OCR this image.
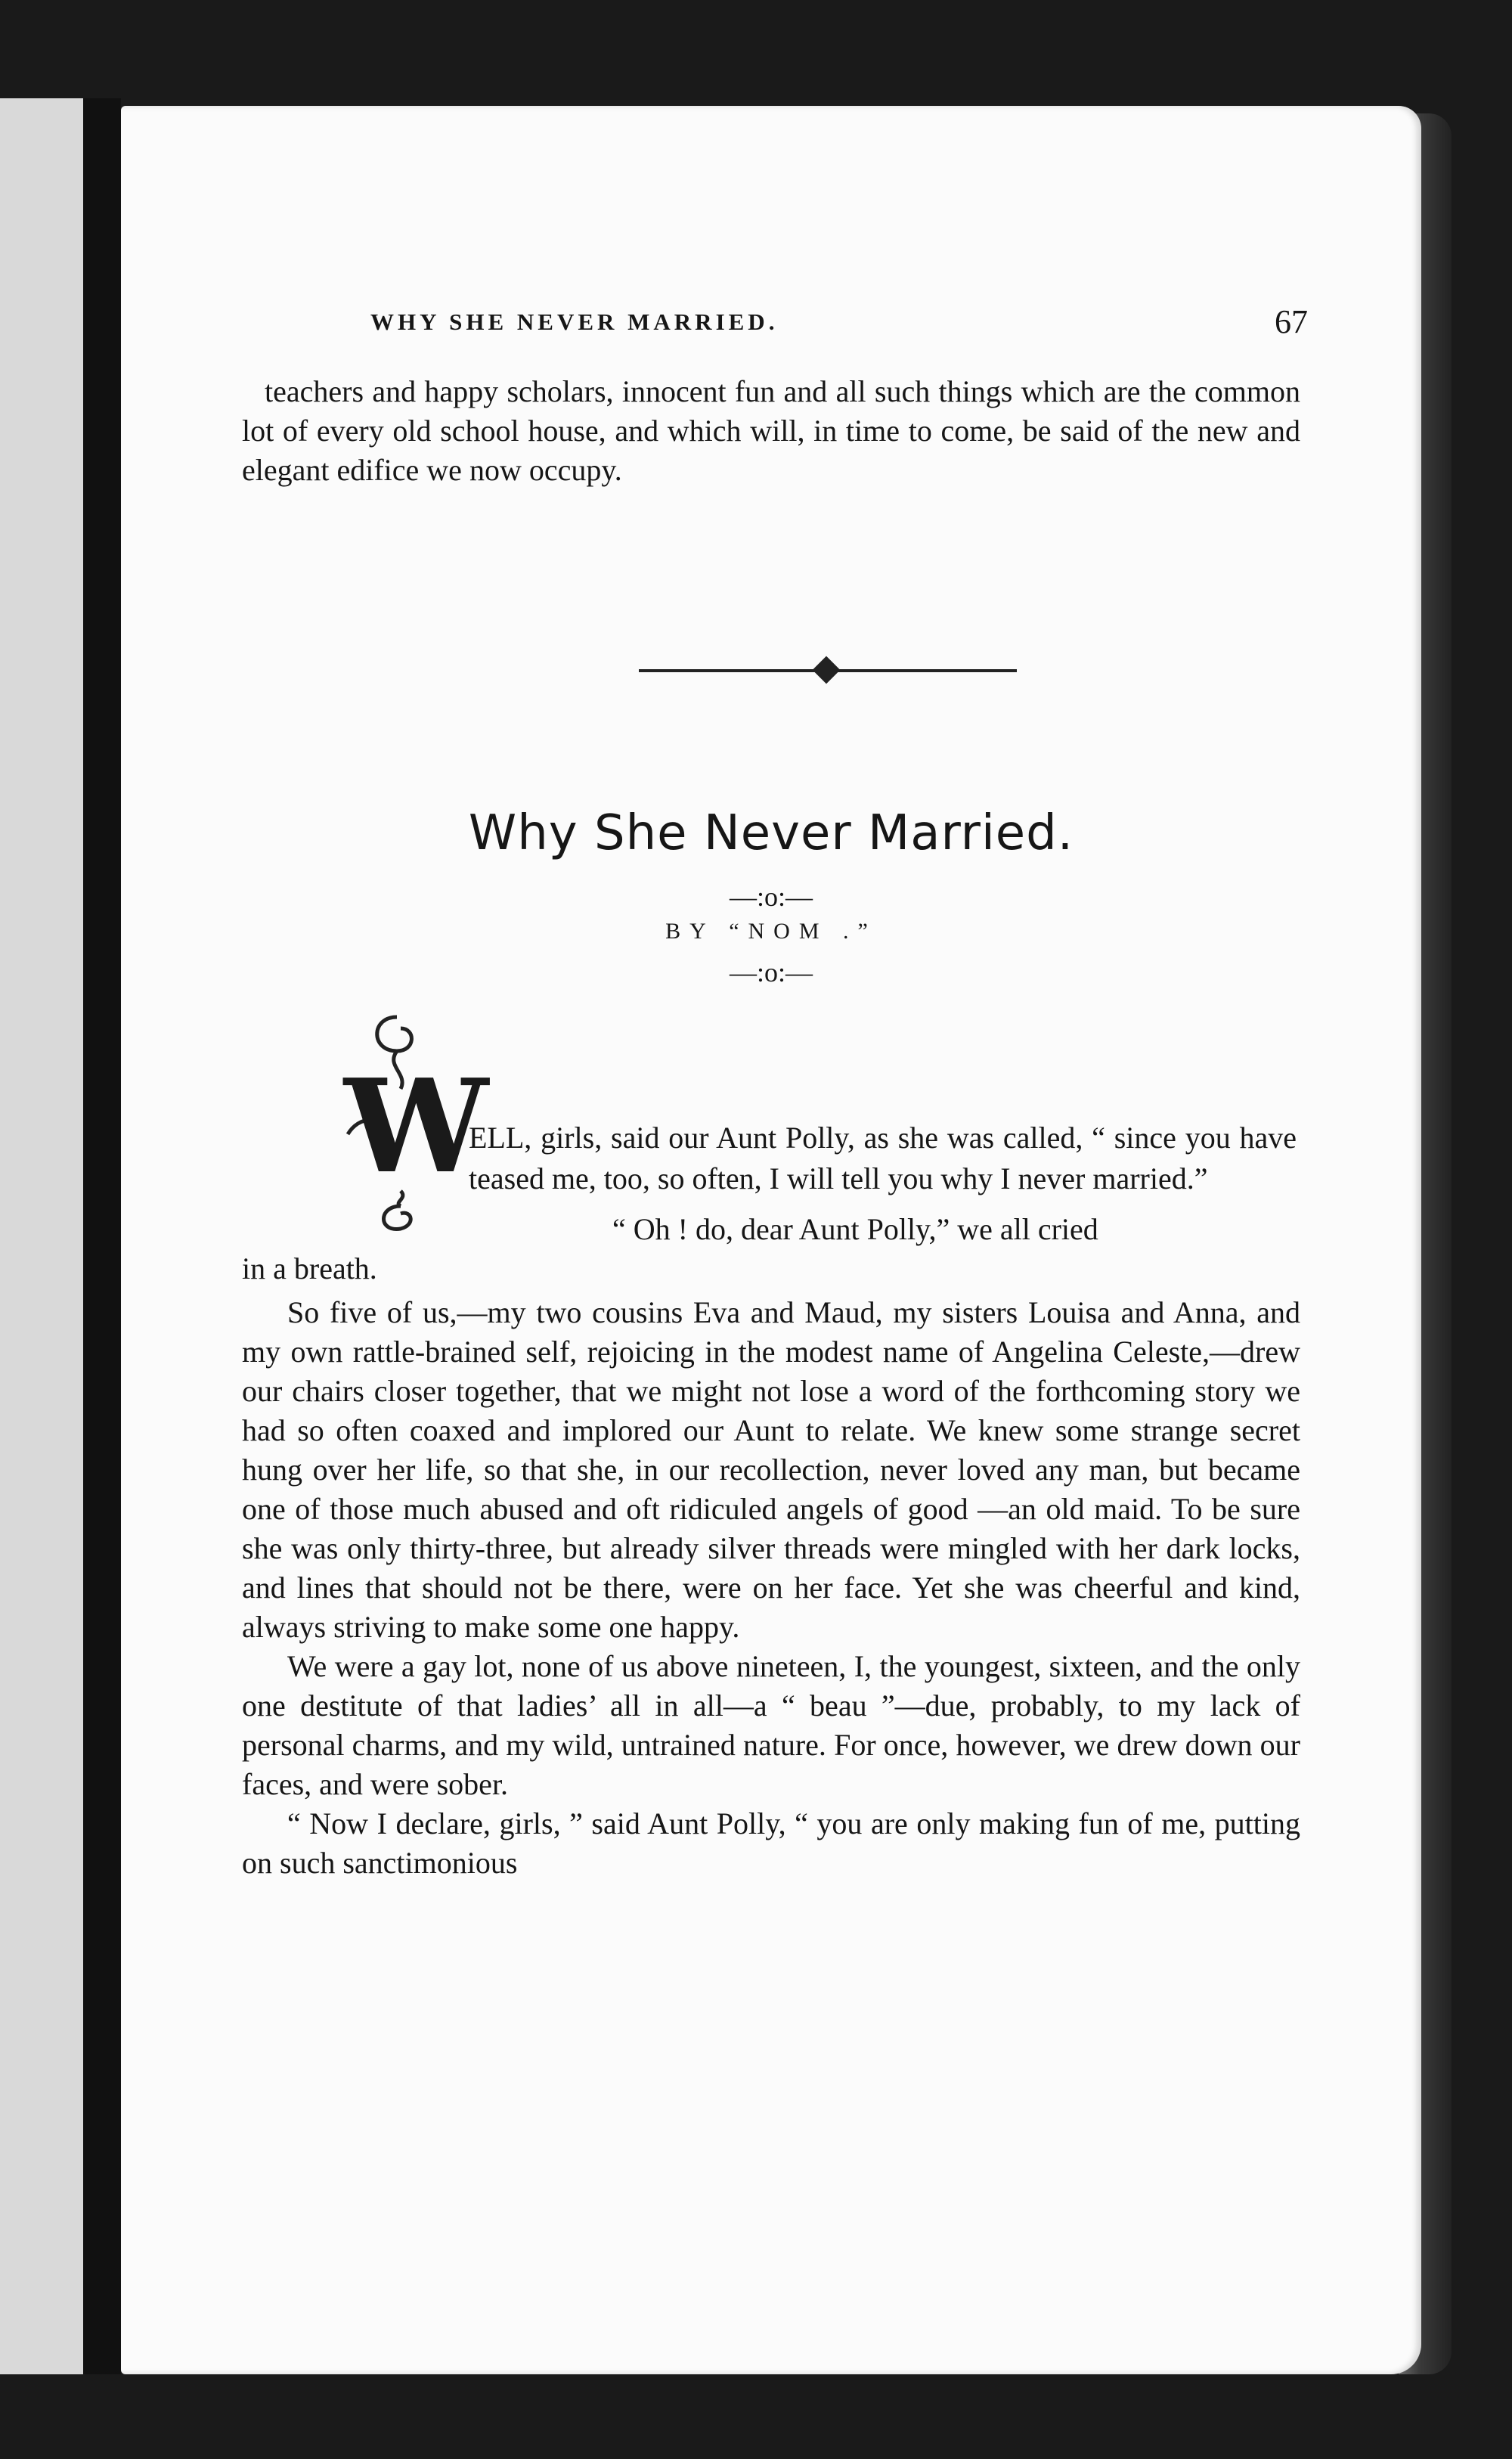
WHY SHE NEVER MARRIED.	67

teachers and happy scholars, innocent fun and all such things which are the common lot of every old school house, and which will, in time to come, be said of the new and elegant edifice we now occupy.

Why She Never Married.
—:o:—
BY “NOM .”
—:o:—
W

ELL, girls, said our Aunt Polly, as she was called, “ since you have teased me, too, so often, I will tell you why I never married.”

“ Oh ! do, dear Aunt Polly,” we all cried

in a breath.

So five of us,—my two cousins Eva and Maud, my sisters Louisa and Anna, and my own rattle-brained self, rejoicing in the modest name of Angelina Celeste,—drew our chairs closer together, that we might not lose a word of the forthcoming story we had so often coaxed and implored our Aunt to relate. We knew some strange secret hung over her life, so that she, in our recollection, never loved any man, but became one of those much abused and oft ridiculed angels of good —an old maid. To be sure she was only thirty-three, but already silver threads were mingled with her dark locks, and lines that should not be there, were on her face. Yet she was cheerful and kind, always striving to make some one happy.

We were a gay lot, none of us above nineteen, I, the youngest, sixteen, and the only one destitute of that ladies’ all in all—a “ beau ”—due, probably, to my lack of personal charms, and my wild, untrained nature. For once, however, we drew down our faces, and were sober.

“ Now I declare, girls, ” said Aunt Polly, “ you are only making fun of me, putting on such sanctimonious
